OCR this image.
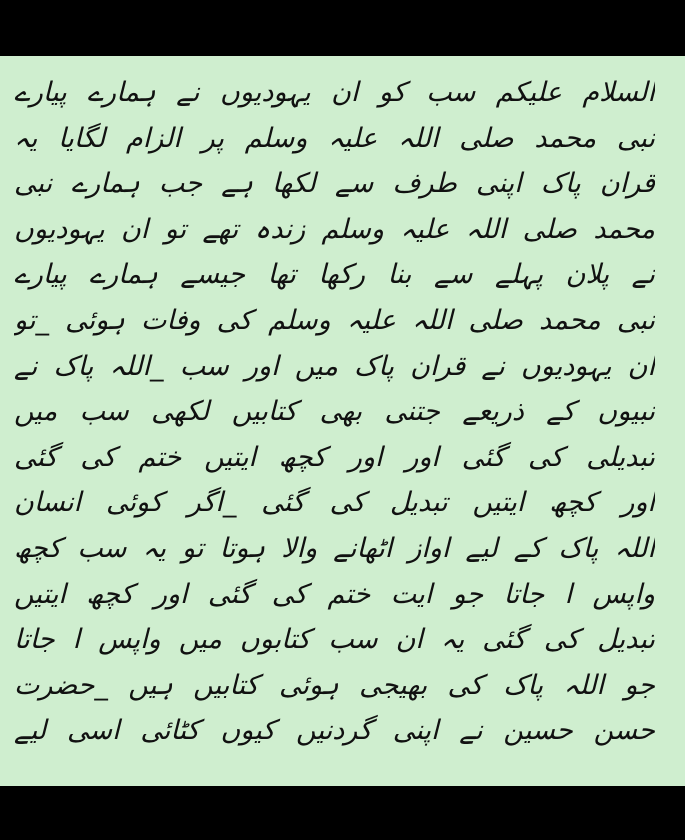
السلام علیکم سب کو ان یہودیوں نے ہمارے پیارے
نبی محمد صلی اللہ علیہ وسلم پر الزام لگایا یہ
قران پاک اپنی طرف سے لکھا ہے جب ہمارے نبی
محمد صلی اللہ علیہ وسلم زندہ تھے تو ان یہودیوں
نے پلان پہلے سے بنا رکھا تھا جیسے ہمارے پیارے
نبی محمد صلی اللہ علیہ وسلم کی وفات ہوئی _تو
ان یہودیوں نے قران پاک میں اور سب _اللہ پاک نے
نبیوں کے ذریعے جتنی بھی کتابیں لکھی سب میں
تبدیلی کی گئی اور اور کچھ ایتیں ختم کی گئی
اور کچھ ایتیں تبدیل کی گئی _اگر کوئی انسان
اللہ پاک کے لیے اواز اٹھانے والا ہوتا تو یہ سب کچھ
واپس ا جاتا جو ایت ختم کی گئی اور کچھ ایتیں
تبدیل کی گئی یہ ان سب کتابوں میں واپس ا جاتا
جو اللہ پاک کی بھیجی ہوئی کتابیں ہیں _حضرت
حسن حسین نے اپنی گردنیں کیوں کٹائی اسی لیے
